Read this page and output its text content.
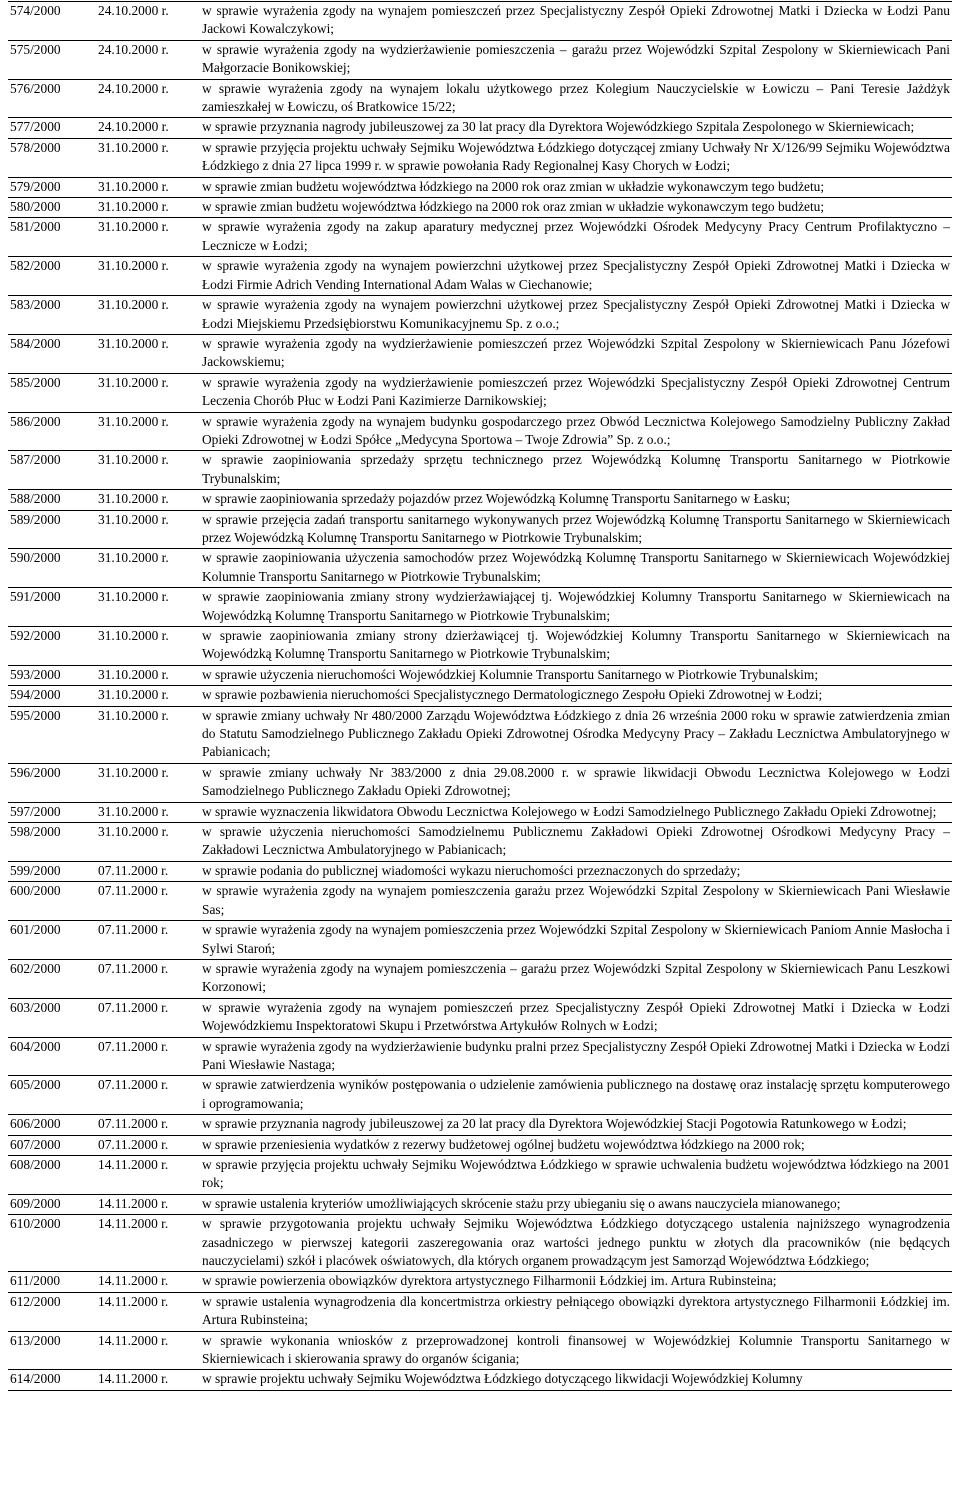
574/2000	24.10.2000 r.	w sprawie wyrażenia zgody na wynajem pomieszczeń przez Specjalistyczny Zespół Opieki Zdrowotnej Matki i Dziecka w Łodzi Panu Jackowi Kowalczykowi;
575/2000	24.10.2000 r.	w sprawie wyrażenia zgody na wydzierżawienie pomieszczenia – garażu przez Wojewódzki Szpital Zespolony w Skierniewicach Pani Małgorzacie Bonikowskiej;
576/2000	24.10.2000 r.	w sprawie wyrażenia zgody na wynajem lokalu użytkowego przez Kolegium Nauczycielskie w Łowiczu – Pani Teresie Jażdżyk zamieszkałej w Łowiczu, oś Bratkowice 15/22;
577/2000	24.10.2000 r.	w sprawie przyznania nagrody jubileuszowej za 30 lat pracy dla Dyrektora Wojewódzkiego Szpitala Zespolonego w Skierniewicach;
578/2000	31.10.2000 r.	w sprawie przyjęcia projektu uchwały Sejmiku Województwa Łódzkiego dotyczącej zmiany Uchwały Nr X/126/99 Sejmiku Województwa Łódzkiego z dnia 27 lipca 1999 r. w sprawie powołania Rady Regionalnej Kasy Chorych w Łodzi;
579/2000	31.10.2000 r.	w sprawie zmian budżetu województwa łódzkiego na 2000 rok oraz zmian w układzie wykonawczym tego budżetu;
580/2000	31.10.2000 r.	w sprawie zmian budżetu województwa łódzkiego na 2000 rok oraz zmian w układzie wykonawczym tego budżetu;
581/2000	31.10.2000 r.	w sprawie wyrażenia zgody na zakup aparatury medycznej przez Wojewódzki Ośrodek Medycyny Pracy Centrum Profilaktyczno – Lecznicze w Łodzi;
582/2000	31.10.2000 r.	w sprawie wyrażenia zgody na wynajem powierzchni użytkowej przez Specjalistyczny Zespół Opieki Zdrowotnej Matki i Dziecka w Łodzi Firmie Adrich Vending International Adam Walas w Ciechanowie;
583/2000	31.10.2000 r.	w sprawie wyrażenia zgody na wynajem powierzchni użytkowej przez Specjalistyczny Zespół Opieki Zdrowotnej Matki i Dziecka w Łodzi Miejskiemu Przedsiębiorstwu Komunikacyjnemu Sp. z o.o.;
584/2000	31.10.2000 r.	w sprawie wyrażenia zgody na wydzierżawienie pomieszczeń przez Wojewódzki Szpital Zespolony w Skierniewicach Panu Józefowi Jackowskiemu;
585/2000	31.10.2000 r.	w sprawie wyrażenia zgody na wydzierżawienie pomieszczeń przez Wojewódzki Specjalistyczny Zespół Opieki Zdrowotnej Centrum Leczenia Chorób Płuc w Łodzi Pani Kazimierze Darnikowskiej;
586/2000	31.10.2000 r.	w sprawie wyrażenia zgody na wynajem budynku gospodarczego przez Obwód Lecznictwa Kolejowego Samodzielny Publiczny Zakład Opieki Zdrowotnej w Łodzi Spółce „Medycyna Sportowa – Twoje Zdrowia” Sp. z o.o.;
587/2000	31.10.2000 r.	w sprawie zaopiniowania sprzedaży sprzętu technicznego przez Wojewódzką Kolumnę Transportu Sanitarnego w Piotrkowie Trybunalskim;
588/2000	31.10.2000 r.	w sprawie zaopiniowania sprzedaży pojazdów przez Wojewódzką Kolumnę Transportu Sanitarnego w Łasku;
589/2000	31.10.2000 r.	w sprawie przejęcia zadań transportu sanitarnego wykonywanych przez Wojewódzką Kolumnę Transportu Sanitarnego w Skierniewicach przez Wojewódzką Kolumnę Transportu Sanitarnego w Piotrkowie Trybunalskim;
590/2000	31.10.2000 r.	w sprawie zaopiniowania użyczenia samochodów przez Wojewódzką Kolumnę Transportu Sanitarnego w Skierniewicach Wojewódzkiej Kolumnie Transportu Sanitarnego w Piotrkowie Trybunalskim;
591/2000	31.10.2000 r.	w sprawie zaopiniowania zmiany strony wydzierżawiającej tj. Wojewódzkiej Kolumny Transportu Sanitarnego w Skierniewicach na Wojewódzką Kolumnę Transportu Sanitarnego w Piotrkowie Trybunalskim;
592/2000	31.10.2000 r.	w sprawie zaopiniowania zmiany strony dzierżawiącej tj. Wojewódzkiej Kolumny Transportu Sanitarnego w Skierniewicach na Wojewódzką Kolumnę Transportu Sanitarnego w Piotrkowie Trybunalskim;
593/2000	31.10.2000 r.	w sprawie użyczenia nieruchomości Wojewódzkiej Kolumnie Transportu Sanitarnego w Piotrkowie Trybunalskim;
594/2000	31.10.2000 r.	w sprawie pozbawienia nieruchomości Specjalistycznego Dermatologicznego Zespołu Opieki Zdrowotnej w Łodzi;
595/2000	31.10.2000 r.	w sprawie zmiany uchwały Nr 480/2000 Zarządu Województwa Łódzkiego z dnia 26 września 2000 roku w sprawie zatwierdzenia zmian do Statutu Samodzielnego Publicznego Zakładu Opieki Zdrowotnej Ośrodka Medycyny Pracy – Zakładu Lecznictwa Ambulatoryjnego w Pabianicach;
596/2000	31.10.2000 r.	w sprawie zmiany uchwały Nr 383/2000 z dnia 29.08.2000 r. w sprawie likwidacji Obwodu Lecznictwa Kolejowego w Łodzi Samodzielnego Publicznego Zakładu Opieki Zdrowotnej;
597/2000	31.10.2000 r.	w sprawie wyznaczenia likwidatora Obwodu Lecznictwa Kolejowego w Łodzi Samodzielnego Publicznego Zakładu Opieki Zdrowotnej;
598/2000	31.10.2000 r.	w sprawie użyczenia nieruchomości Samodzielnemu Publicznemu Zakładowi Opieki Zdrowotnej Ośrodkowi Medycyny Pracy – Zakładowi Lecznictwa Ambulatoryjnego w Pabianicach;
599/2000	07.11.2000 r.	w sprawie podania do publicznej wiadomości wykazu nieruchomości przeznaczonych do sprzedaży;
600/2000	07.11.2000 r.	w sprawie wyrażenia zgody na wynajem pomieszczenia garażu przez Wojewódzki Szpital Zespolony w Skierniewicach Pani Wiesławie Sas;
601/2000	07.11.2000 r.	w sprawie wyrażenia zgody na wynajem pomieszczenia przez Wojewódzki Szpital Zespolony w Skierniewicach Paniom Annie Masłocha i Sylwi Staroń;
602/2000	07.11.2000 r.	w sprawie wyrażenia zgody na wynajem pomieszczenia – garażu przez Wojewódzki Szpital Zespolony w Skierniewicach Panu Leszkowi Korzonowi;
603/2000	07.11.2000 r.	w sprawie wyrażenia zgody na wynajem pomieszczeń przez Specjalistyczny Zespół Opieki Zdrowotnej Matki i Dziecka w Łodzi Wojewódzkiemu Inspektoratowi Skupu i Przetwórstwa Artykułów Rolnych w Łodzi;
604/2000	07.11.2000 r.	w sprawie wyrażenia zgody na wydzierżawienie budynku pralni przez Specjalistyczny Zespół Opieki Zdrowotnej Matki i Dziecka w Łodzi Pani Wiesławie Nastaga;
605/2000	07.11.2000 r.	w sprawie zatwierdzenia wyników postępowania o udzielenie zamówienia publicznego na dostawę oraz instalację sprzętu komputerowego i oprogramowania;
606/2000	07.11.2000 r.	w sprawie przyznania nagrody jubileuszowej za 20 lat pracy dla Dyrektora Wojewódzkiej Stacji Pogotowia Ratunkowego w Łodzi;
607/2000	07.11.2000 r.	w sprawie przeniesienia wydatków z rezerwy budżetowej ogólnej budżetu województwa łódzkiego na 2000 rok;
608/2000	14.11.2000 r.	w sprawie przyjęcia projektu uchwały Sejmiku Województwa Łódzkiego w sprawie uchwalenia budżetu województwa łódzkiego na 2001 rok;
609/2000	14.11.2000 r.	w sprawie ustalenia kryteriów umożliwiających skrócenie stażu przy ubieganiu się o awans nauczyciela mianowanego;
610/2000	14.11.2000 r.	w sprawie przygotowania projektu uchwały Sejmiku Województwa Łódzkiego dotyczącego ustalenia najniższego wynagrodzenia zasadniczego w pierwszej kategorii zaszeregowania oraz wartości jednego punktu w złotych dla pracowników (nie będących nauczycielami) szkół i placówek oświatowych, dla których organem prowadzącym jest Samorząd Województwa Łódzkiego;
611/2000	14.11.2000 r.	w sprawie powierzenia obowiązków dyrektora artystycznego Filharmonii Łódzkiej im. Artura Rubinsteina;
612/2000	14.11.2000 r.	w sprawie ustalenia wynagrodzenia dla koncertmistrza orkiestry pełniącego obowiązki dyrektora artystycznego Filharmonii Łódzkiej im. Artura Rubinsteina;
613/2000	14.11.2000 r.	w sprawie wykonania wniosków z przeprowadzonej kontroli finansowej w Wojewódzkiej Kolumnie Transportu Sanitarnego w Skierniewicach i skierowania sprawy do organów ścigania;
614/2000	14.11.2000 r.	w sprawie projektu uchwały Sejmiku Województwa Łódzkiego dotyczącego likwidacji Wojewódzkiej Kolumny
